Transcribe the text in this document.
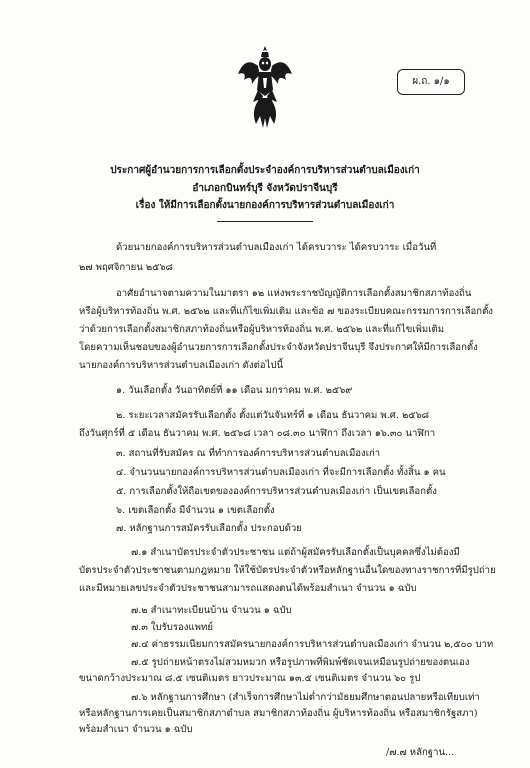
ผ.ถ. ๑/๑
ประกาศผู้อำนวยการการเลือกตั้งประจำองค์การบริหารส่วนตำบลเมืองเก่า
อำเภอกบินทร์บุรี จังหวัดปราจีนบุรี
เรื่อง ให้มีการเลือกตั้งนายกองค์การบริหารส่วนตำบลเมืองเก่า
ด้วยนายกองค์การบริหารส่วนตำบลเมืองเก่า ได้ครบวาระ ได้ครบวาระ เมื่อวันที่
๒๗ พฤศจิกายน ๒๕๖๘
อาศัยอำนาจตามความในมาตรา ๑๒ แห่งพระราชบัญญัติการเลือกตั้งสมาชิกสภาท้องถิ่น
หรือผู้บริหารท้องถิ่น พ.ศ. ๒๕๖๒ และที่แก้ไขเพิ่มเติม และข้อ ๗ ของระเบียบคณะกรรมการการเลือกตั้ง
ว่าด้วยการเลือกตั้งสมาชิกสภาท้องถิ่นหรือผู้บริหารท้องถิ่น พ.ศ. ๒๕๖๒ และที่แก้ไขเพิ่มเติม
โดยความเห็นชอบของผู้อำนวยการการเลือกตั้งประจำจังหวัดปราจีนบุรี จึงประกาศให้มีการเลือกตั้ง
นายกองค์การบริหารส่วนตำบลเมืองเก่า ดังต่อไปนี้
๑. วันเลือกตั้ง วันอาทิตย์ที่ ๑๑ เดือน มกราคม พ.ศ. ๒๕๖๙
๒. ระยะเวลาสมัครรับเลือกตั้ง ตั้งแต่วันจันทร์ที่ ๑ เดือน ธันวาคม พ.ศ. ๒๕๖๘
ถึงวันศุกร์ที่ ๕ เดือน ธันวาคม พ.ศ. ๒๕๖๘ เวลา ๐๘.๓๐ นาฬิกา ถึงเวลา ๑๖.๓๐ นาฬิกา
๓. สถานที่รับสมัคร ณ ที่ทำการองค์การบริหารส่วนตำบลเมืองเก่า
๔. จำนวนนายกองค์การบริหารส่วนตำบลเมืองเก่า ที่จะมีการเลือกตั้ง ทั้งสิ้น ๑ คน
๕. การเลือกตั้งให้ถือเขตขององค์การบริหารส่วนตำบลเมืองเก่า เป็นเขตเลือกตั้ง
๖. เขตเลือกตั้ง มีจำนวน ๑ เขตเลือกตั้ง
๗. หลักฐานการสมัครรับเลือกตั้ง ประกอบด้วย
๗.๑ สำเนาบัตรประจำตัวประชาชน แต่ถ้าผู้สมัครรับเลือกตั้งเป็นบุคคลซึ่งไม่ต้องมี
บัตรประจำตัวประชาชนตามกฎหมาย ให้ใช้บัตรประจำตัวหรือหลักฐานอื่นใดของทางราชการที่มีรูปถ่าย
และมีหมายเลขประจำตัวประชาชนสามารถแสดงตนได้พร้อมสำเนา จำนวน ๑ ฉบับ
๗.๒ สำเนาทะเบียนบ้าน จำนวน ๑ ฉบับ
๗.๓ ใบรับรองแพทย์
๗.๔ ค่าธรรมเนียมการสมัครนายกองค์การบริหารส่วนตำบลเมืองเก่า จำนวน ๒,๕๐๐ บาท
๗.๕ รูปถ่ายหน้าตรงไม่สวมหมวก หรือรูปภาพที่พิมพ์ชัดเจนเหมือนรูปถ่ายของตนเอง
ขนาดกว้างประมาณ ๘.๕ เซนติเมตร ยาวประมาณ ๑๓.๕ เซนติเมตร จำนวน ๖๐ รูป
๗.๖ หลักฐานการศึกษา (สำเร็จการศึกษาไม่ต่ำกว่ามัธยมศึกษาตอนปลายหรือเทียบเท่า
หรือหลักฐานการเคยเป็นสมาชิกสภาตำบล สมาชิกสภาท้องถิ่น ผู้บริหารท้องถิ่น หรือสมาชิกรัฐสภา)
พร้อมสำเนา จำนวน ๑ ฉบับ
/๗.๗ หลักฐาน...
